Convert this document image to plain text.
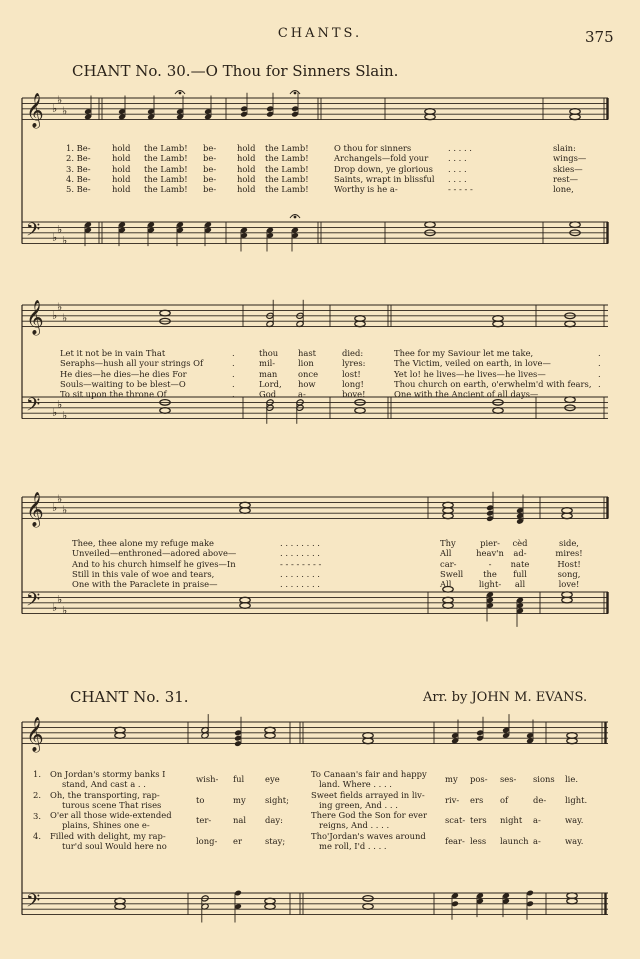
CHANTS.	375
𝄞
𝄢
♭
♭
♭
♭
♭
♭
𝄞
𝄢
♭
♭
♭
♭
♭
♭
𝄞
𝄢
♭
♭
♭
♭
♭
♭
𝄞
𝄢
CHANT No. 30.—O Thou for Sinners Slain.
1. Be-
2. Be-
3. Be-
4. Be-
5. Be-
hold
hold
hold
hold
hold
the Lamb!
the Lamb!
the Lamb!
the Lamb!
the Lamb!
be-
be-
be-
be-
be-
hold
hold
hold
hold
hold
the Lamb!
the Lamb!
the Lamb!
the Lamb!
the Lamb!
O thou for sinners
Archangels—fold your
Drop down, ye glorious
Saints, wrapt in blissful
Worthy is he a-
. . . . .
. . . .
. . . .
. . . .
- - - - -
slain:
wings—
skies—
rest—
lone,
Let it not be in vain That
Seraphs—hush all your strings Of
He dies—he dies—he dies For
Souls—waiting to be blest—O
To sit upon the throne Of
.
.
.
.
.
thou
mil-
man
Lord,
God
hast
lion
once
how
a-
died:
lyres:
lost!
long!
bove!
Thee for my Saviour let me take,
The Victim, veiled on earth, in love—
Yet lo! he lives—he lives—he lives—
Thou church on earth, o'erwhelm'd with fears,
One with the Ancient of all days—
.
.
.
.
Thee, thee alone my refuge make
Unveiled—enthroned—adored above—
And to his church himself he gives—In
Still in this vale of woe and tears,
One with the Paraclete in praise—
. . . . . . . .
. . . . . . . .
- - - - - - - -
. . . . . . . .
. . . . . . . .
Thy
All
car-
Swell
All
pier-
heav'n
-
the
light-
cèd
ad-
nate
full
all
side,
mires!
Host!
song,
love!
CHANT No. 31.	Arr. by JOHN M. EVANS.
1.
2.
3.
4.
On Jordan's stormy banks I
stand, And cast a . .
Oh, the transporting, rap-
turous scene That rises
O'er all those wide-extended
plains, Shines one e-
Filled with delight, my rap-
tur'd soul Would here no
wish-
to
ter-
long-
ful
my
nal
er
eye
sight;
day:
stay;
To Canaan's fair and happy
land. Where . . . .
Sweet fields arrayed in liv-
ing green, And . . .
There God the Son for ever
reigns, And . . . .
Tho'Jordan's waves around
me roll, I'd . . . .
my
riv-
scat-
fear-
pos-
ers
ters
less
ses-
of
night
launch
sions
de-
a-
a-
lie.
light.
way.
way.
